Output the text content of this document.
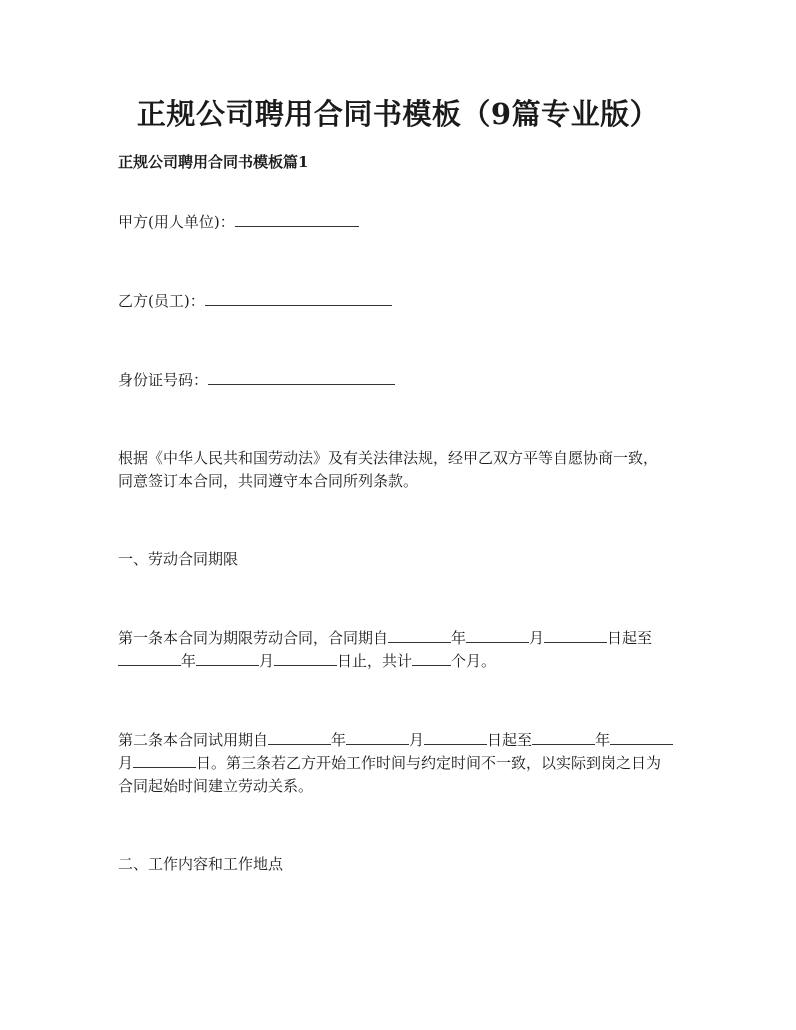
正规公司聘用合同书模板（9篇专业版）
正规公司聘用合同书模板篇1
甲方(用人单位)：
乙方(员工)：
身份证号码：
根据《中华人民共和国劳动法》及有关法律法规，经甲乙双方平等自愿协商一致，
同意签订本合同，共同遵守本合同所列条款。
一、劳动合同期限
第一条本合同为期限劳动合同，合同期自	年	月	日起至
年	月	日止，共计	个月。
第二条本合同试用期自	年	月	日起至	年
月	日。第三条若乙方开始工作时间与约定时间不一致，以实际到岗之日为
合同起始时间建立劳动关系。
二、工作内容和工作地点
